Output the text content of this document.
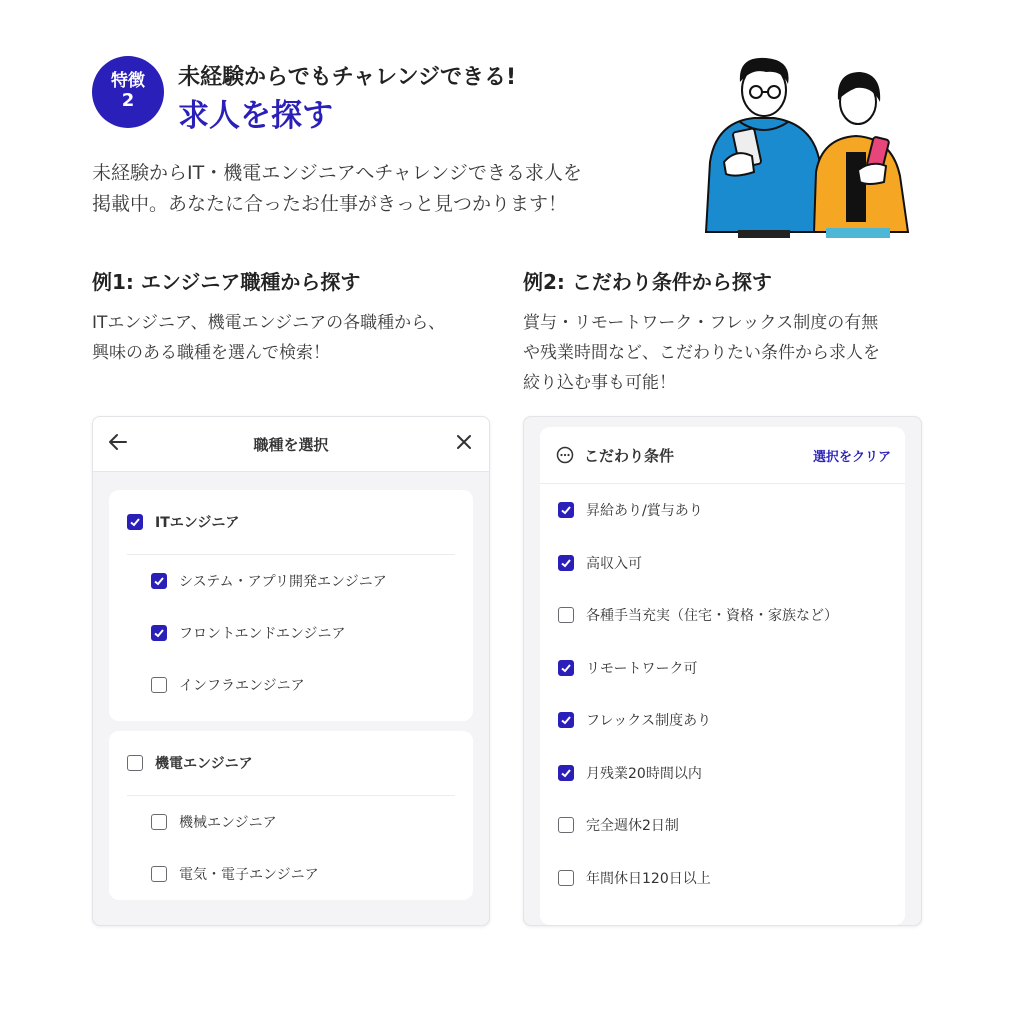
特徴
2
未経験からでもチャレンジできる!
求人を探す
未経験からIT・機電エンジニアへチャレンジできる求人を
掲載中。あなたに合ったお仕事がきっと見つかります！
例1: エンジニア職種から探す
ITエンジニア、機電エンジニアの各職種から、
興味のある職種を選んで検索！
例2: こだわり条件から探す
賞与・リモートワーク・フレックス制度の有無
や残業時間など、こだわりたい条件から求人を
絞り込む事も可能！
職種を選択
ITエンジニア
システム・アプリ開発エンジニア
フロントエンドエンジニア
インフラエンジニア
機電エンジニア
機械エンジニア
電気・電子エンジニア
こだわり条件	選択をクリア
昇給あり/賞与あり
高収入可
各種手当充実（住宅・資格・家族など）
リモートワーク可
フレックス制度あり
月残業20時間以内
完全週休2日制
年間休日120日以上
